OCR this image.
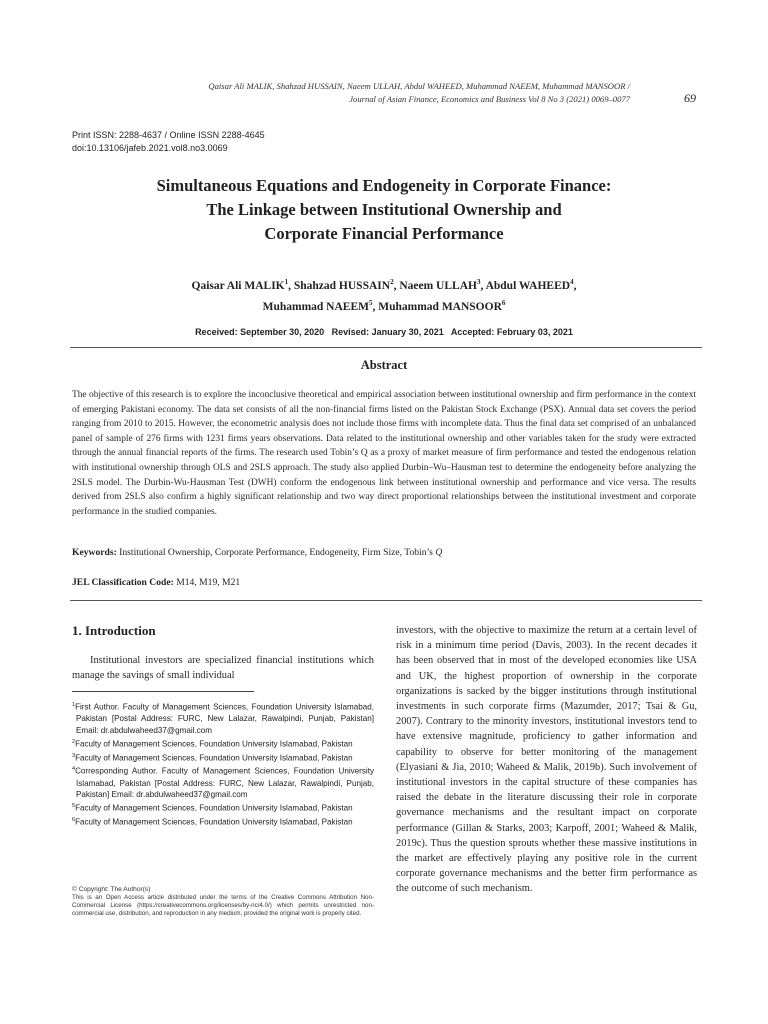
Qaisar Ali MALIK, Shahzad HUSSAIN, Naeem ULLAH, Abdul WAHEED, Muhammad NAEEM, Muhammad MANSOOR /
Journal of Asian Finance, Economics and Business Vol 8 No 3 (2021) 0069–0077	69
Print ISSN: 2288-4637 / Online ISSN 2288-4645
doi:10.13106/jafeb.2021.vol8.no3.0069
Simultaneous Equations and Endogeneity in Corporate Finance:
The Linkage between Institutional Ownership and
Corporate Financial Performance
Qaisar Ali MALIK$^1$, Shahzad HUSSAIN$^2$, Naeem ULLAH$^3$, Abdul WAHEED$^4$,
Muhammad NAEEM$^5$, Muhammad MANSOOR$^6$
Received: September 30, 2020   Revised: January 30, 2021   Accepted: February 03, 2021
Abstract
The objective of this research is to explore the inconclusive theoretical and empirical association between institutional ownership and firm performance in the context of emerging Pakistani economy. The data set consists of all the non-financial firms listed on the Pakistan Stock Exchange (PSX). Annual data set covers the period ranging from 2010 to 2015. However, the econometric analysis does not include those firms with incomplete data. Thus the final data set comprised of an unbalanced panel of sample of 276 firms with 1231 firms years observations. Data related to the institutional ownership and other variables taken for the study were extracted through the annual financial reports of the firms. The research used Tobin’s Q as a proxy of market measure of firm performance and tested the endogenous relation with institutional ownership through OLS and 2SLS approach. The study also applied Durbin–Wu–Hausman test to determine the endogeneity before analyzing the 2SLS model. The Durbin-Wu-Hausman Test (DWH) conform the endogenous link between institutional ownership and performance and vice versa. The results derived from 2SLS also confirm a highly significant relationship and two way direct proportional relationships between the institutional investment and corporate performance in the studied companies.
Keywords: Institutional Ownership, Corporate Performance, Endogeneity, Firm Size, Tobin’s Q
JEL Classification Code: M14, M19, M21
1. Introduction

Institutional investors are specialized financial institutions which manage the savings of small individual

$^1$First Author. Faculty of Management Sciences, Foundation University Islamabad, Pakistan [Postal Address: FURC, New Lalazar, Rawalpindi, Punjab, Pakistan] Email: dr.abdulwaheed37@gmail.com
$^2$Faculty of Management Sciences, Foundation University Islamabad, Pakistan
$^3$Faculty of Management Sciences, Foundation University Islamabad, Pakistan
$^4$Corresponding Author. Faculty of Management Sciences, Foundation University Islamabad, Pakistan [Postal Address: FURC, New Lalazar, Rawalpindi, Punjab, Pakistan] Email: dr.abdulwaheed37@gmail.com
$^5$Faculty of Management Sciences, Foundation University Islamabad, Pakistan
$^6$Faculty of Management Sciences, Foundation University Islamabad, Pakistan
© Copyright: The Author(s)
This is an Open Access article distributed under the terms of the Creative Commons Attribution Non-Commercial License (https://creativecommons.org/licenses/by-nc/4.0/) which permits unrestricted non-commercial use, distribution, and reproduction in any medium, provided the original work is properly cited.

investors, with the objective to maximize the return at a certain level of risk in a minimum time period (Davis, 2003). In the recent decades it has been observed that in most of the developed economies like USA and UK, the highest proportion of ownership in the corporate organizations is sacked by the bigger institutions through institutional investments in such corporate firms (Mazumder, 2017; Tsai & Gu, 2007). Contrary to the minority investors, institutional investors tend to have extensive magnitude, proficiency to gather information and capability to observe for better monitoring of the management (Elyasiani & Jia, 2010; Waheed & Malik, 2019b). Such involvement of institutional investors in the capital structure of these companies has raised the debate in the literature discussing their role in corporate governance mechanisms and the resultant impact on corporate performance (Gillan & Starks, 2003; Karpoff, 2001; Waheed & Malik, 2019c). Thus the question sprouts whether these massive institutions in the market are effectively playing any positive role in the current corporate governance mechanisms and the better firm performance as the outcome of such mechanism.
